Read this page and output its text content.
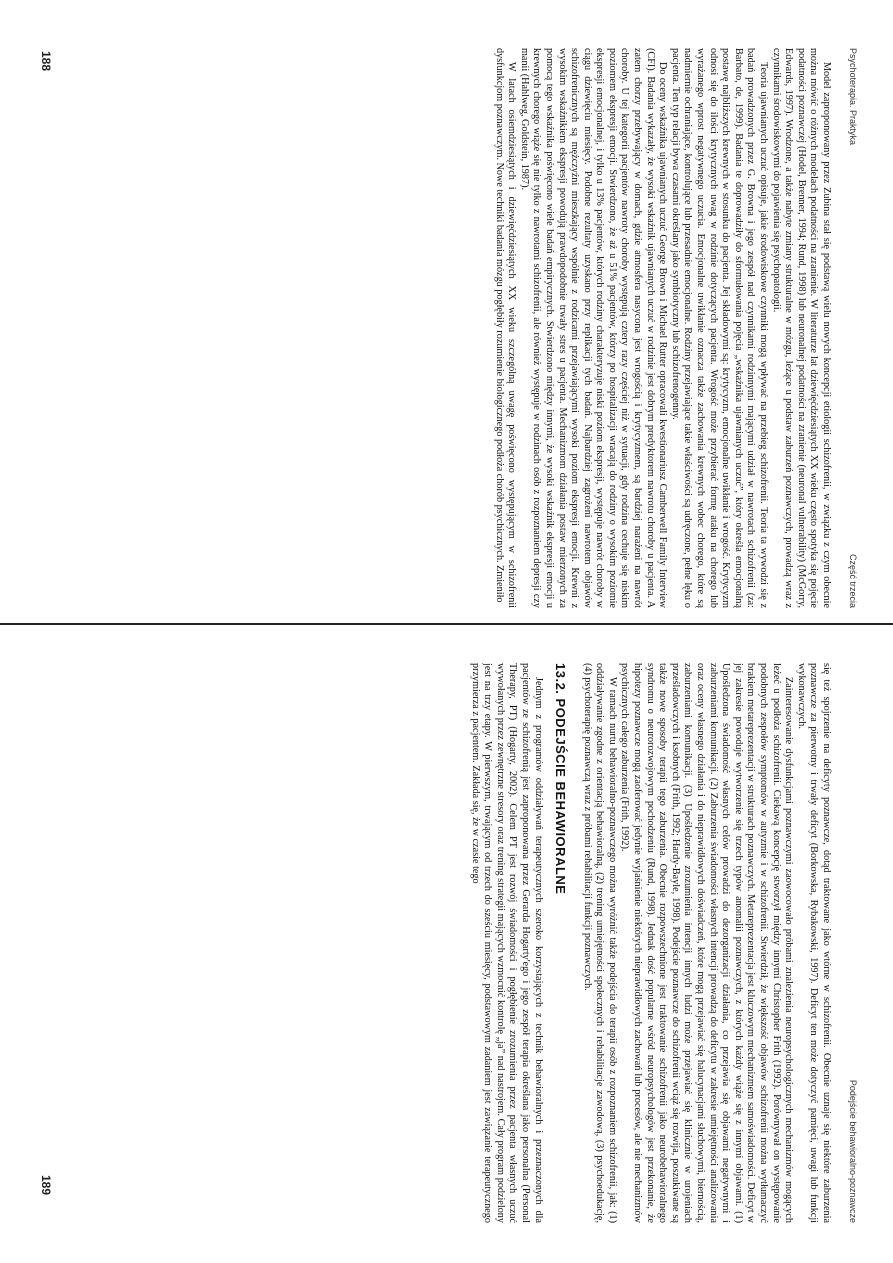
Psychoterapia. Praktyka
Część trzecia

Model zaproponowany przez Zubina stał się podstawą wielu nowych koncepcji etiologii schizofrenii, w związku z czym obecnie można mówić o różnych modelach podatności na zranienie. W literaturze lat dziewięćdziesiątych XX wieku często spotyka się pojęcie podatności poznawczej (Hodel, Brenner, 1994; Rund, 1998) lub neuronalnej podatności na zranienie (neuronal vulnerability) (McGorry, Edwards, 1997). Wrodzone, a także nabyte zmiany strukturalne w mózgu, leżące u podstaw zaburzeń poznawczych, prowadzą wraz z czynnikami środowiskowymi do pojawienia się psychopatologii.

Teoria ujawnianych uczuć opisuje, jakie środowiskowe czynniki mogą wpływać na przebieg schizofrenii. Teoria ta wywodzi się z badań prowadzonych przez G. Browna i jego zespół nad czynnikami rodzinnymi mającymi udział w nawrotach schizofrenii (za: Barbato, de, 1999). Badania te doprowadziły do sformułowania pojęcia „wskaźnika ujawnianych uczuć”, który określa emocjonalną postawę najbliższych krewnych w stosunku do pacjenta. Jej składowymi są: krytycyzm, emocjonalne uwikłanie i wrogość. Krytycyzm odnosi się do ilości krytycznych uwag w rodzinie dotyczących pacjenta. Wrogość może przybierać formę ataku na chorego lub wyrażanego wprost negatywnego uczucia. Emocjonalne uwikłanie oznacza także zachowania krewnych wobec chorego, które są nadmiernie ochraniające, kontrolujące lub przesadnie emocjonalne. Rodziny przejawiające takie właściwości są udręczone, pełne lęku o pacjenta. Ten typ relacji bywa czasami określany jako symbiotyczny lub schizofrenogenny.

Do oceny wskaźnika ujawnianych uczuć George Brown i Michael Rutter opracowali kwestionariusz Camberwell Family Interview (CFI). Badania wykazały, że wysoki wskaźnik ujawnianych uczuć w rodzinie jest dobrym predyktorem nawrotu choroby u pacjenta. A zatem chorzy przebywający w domach, gdzie atmosfera nasycona jest wrogością i krytycyzmem, są bardziej narażeni na nawrót choroby. U tej kategorii pacjentów nawroty choroby występują cztery razy częściej niż w sytuacji, gdy rodzina cechuje się niskim poziomem ekspresji emocji. Stwierdzono, że aż u 51% pacjentów, którzy po hospitalizacji wracają do rodziny o wysokim poziomie ekspresji emocjonalnej, i tylko u 13% pacjentów, których rodziny charakteryzuje niski poziom ekspresji, występuje nawrót choroby w ciągu dziewięciu miesięcy. Podobne rezultaty uzyskano przy replikacji tych badań. Najbardziej zagrożeni nawrotem objawów schizofrenicznych są mężczyźni mieszkający wspólnie z rodzicami przejawiającymi wysoki poziom ekspresji emocji. Krewni z wysokim wskaźnikiem ekspresji powodują prawdopodobnie trwały stres u pacjenta. Mechanizmom działania postaw mierzonych za pomocą tego wskaźnika poświęcono wiele badań empirycznych. Stwierdzono między innymi, że wysoki wskaźnik ekspresji emocji u krewnych chorego wiąże się nie tylko z nawrotami schizofrenii, ale również występuje w rodzinach osób z rozpoznaniem depresji czy manii (Hahlweg, Goldstein, 1987).

W latach osiemdziesiątych i dziewięćdziesiątych XX wieku szczególną uwagę poświęcono występującym w schizofrenii dysfunkcjom poznawczym. Nowe techniki badania mózgu pogłębiły rozumienie biologicznego podłoża chorób psychicznych. Zmieniło

Podejście behawioralno-poznawcze

się też spojrzenie na deficyty poznawcze, dotąd traktowane jako wtórne w schizofrenii. Obecnie uznaje się niektóre zaburzenia poznawcze za pierwotny i trwały deficyt (Borkowska, Rybakowski, 1997). Deficyt ten może dotyczyć pamięci, uwagi lub funkcji wykonawczych.

Zainteresowanie dysfunkcjami poznawczymi zaowocowało próbami znalezienia neuropsychologicznych mechanizmów mogących leżeć u podłoża schizofrenii. Ciekawą koncepcję stworzył między innymi Christopher Frith (1992). Porównywał on występowanie podobnych zespołów symptomów w autyzmie i w schizofrenii. Stwierdził, że większość objawów schizofrenii można wytłumaczyć brakiem metareprezentacji w strukturach poznawczych. Metareprezentacja jest kluczowym mechanizmem samoświadomości. Deficyt w jej zakresie powoduje wytworzenie się trzech typów anomalii poznawczych, z których każdy wiąże się z innymi objawami. (1) Upośledzona świadomość własnych celów prowadzi do dezorganizacji działania, co przejawia się objawami negatywnymi i zaburzeniami komunikacji. (2) Zaburzenia świadomości własnych intencji prowadzą do deficytu w zakresie umiejętności analizowania oraz oceny własnego działania i do nieprawidłowych doświadczeń, które mogą przejawiać się halucynacjami słuchowymi, biernością, zaburzeniami komunikacji. (3) Upośledzenie zrozumienia intencji innych ludzi może przejawiać się klinicznie w urojeniach prześladowczych i ksobnych (Frith, 1992; Hardy-Bayle, 1998). Podejście poznawcze do schizofrenii wciąż się rozwija, poszukiwane są także nowe sposoby terapii tego zaburzenia. Obecnie rozpowszechnione jest traktowanie schizofrenii jako neurobehawioralnego syndromu o neurorozwojowym pochodzeniu (Rund, 1998). Jednak dość popularne wśród neuropsychologów jest przekonanie, że hipotezy poznawcze mogą zaoferować jedynie wyjaśnienie niektórych nieprawidłowych zachowań lub procesów, ale nie mechanizmów psychicznych całego zaburzenia (Frith, 1992).

W ramach nurtu behawioralno-poznawczego można wyróżnić także podejścia do terapii osób z rozpoznaniem schizofrenii, jak: (1) oddziaływanie zgodne z orientacją behawioralną, (2) trening umiejętności społecznych i rehabilitacje zawodową, (3) psychoedukację, (4) psychoterapię poznawczą wraz z próbami rehabilitacji funkcji poznawczych.

13.2. PODEJŚCIE BEHAWIORALNE

Jednym z programów oddziaływań terapeutycznych szeroko korzystających z technik behawioralnych i przeznaczonych dla pacjentów ze schizofrenią jest zaproponowana przez Gerarda Hogarty'ego i jego zespół terapia określana jako personalna (Personal Therapy, PT) (Hogarty, 2002). Celem PT jest rozwój świadomości i pogłębienie zrozumienia przez pacjenta własnych uczuć wywołanych przez zewnętrzne stresory oraz trening strategii mających wzmocnić kontrolę „ja” nad nastrojem. Cały program podzielony jest na trzy etapy. W pierwszym, trwającym od trzech do sześciu miesięcy, podstawowym zadaniem jest zawiązanie terapeutycznego przymierza z pacjentem. Zakłada się, że w czasie tego

188
189
